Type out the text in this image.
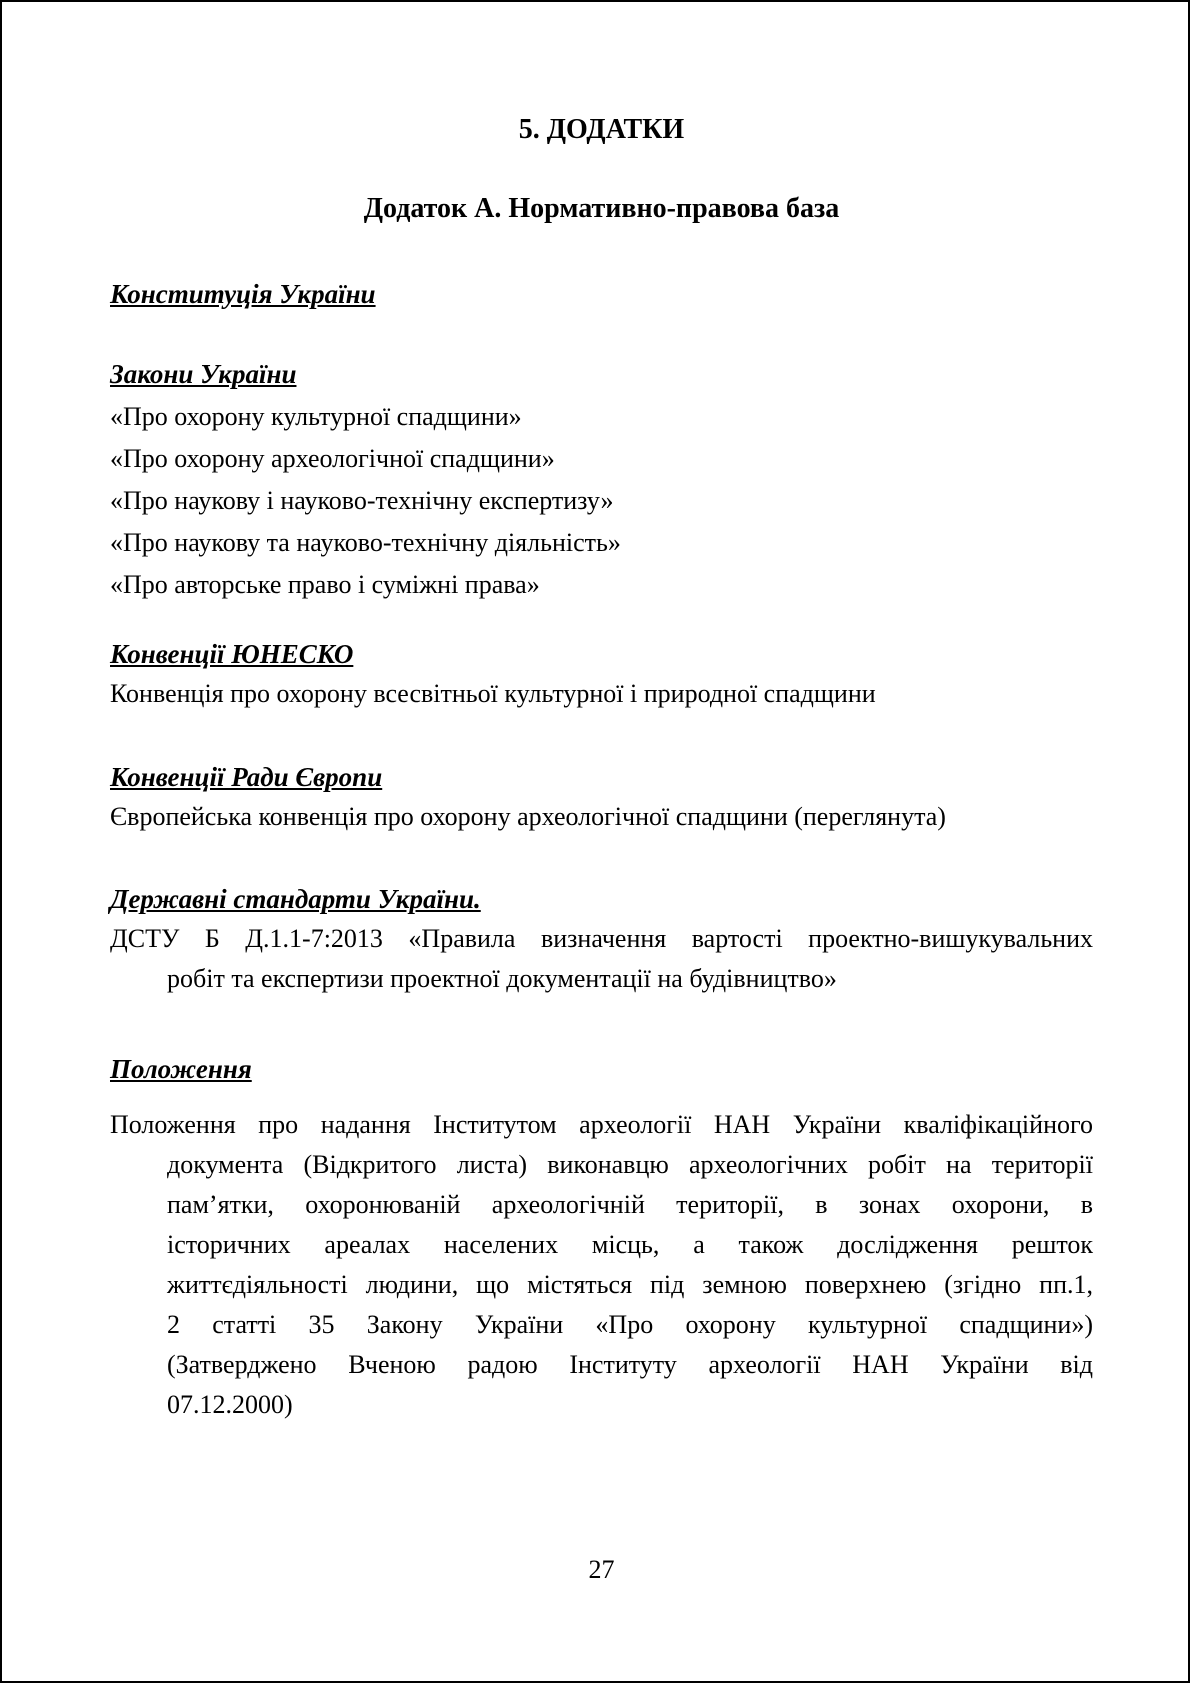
5. ДОДАТКИ
Додаток А. Нормативно-правова база
Конституція України
Закони України
«Про охорону культурної спадщини»
«Про охорону археологічної спадщини»
«Про наукову і науково-технічну експертизу»
«Про наукову та науково-технічну діяльність»
«Про авторське право і суміжні права»
Конвенції ЮНЕСКО
Конвенція про охорону всесвітньої культурної і природної спадщини
Конвенції Ради Європи
Європейська конвенція про охорону археологічної спадщини (переглянута)
Державні стандарти України.
ДСТУ Б Д.1.1-7:2013 «Правила визначення вартості проектно-вишукувальних
робіт та експертизи проектної документації на будівництво»
Положення
Положення про надання Інститутом археології НАН України кваліфікаційного
документа (Відкритого листа) виконавцю археологічних робіт на території
пам’ятки, охоронюваній археологічній території, в зонах охорони, в
історичних ареалах населених місць, а також дослідження решток
життєдіяльності людини, що містяться під земною поверхнею (згідно пп.1,
2 статті 35 Закону України «Про охорону культурної спадщини»)
(Затверджено Вченою радою Інституту археології НАН України від
07.12.2000)
27
